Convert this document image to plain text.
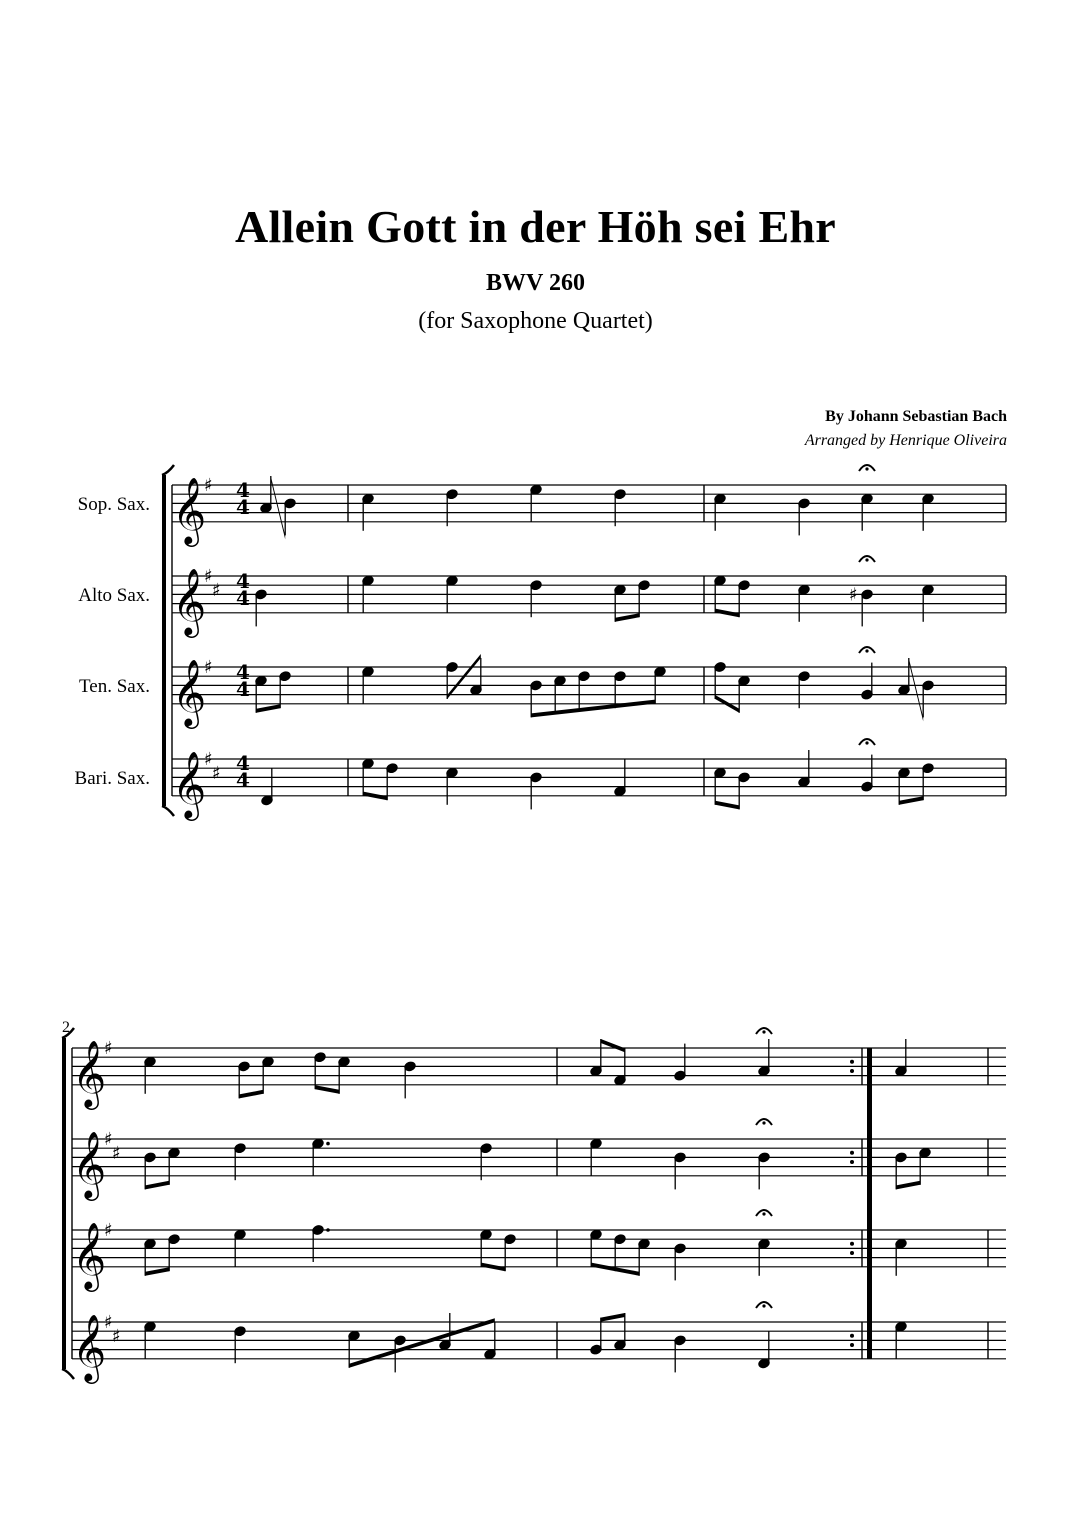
Allein Gott in der Höh sei Ehr
BWV 260
(for Saxophone Quartet)
By Johann Sebastian Bach
Arranged by Henrique Oliveira
Sop. Sax.
Alto Sax.
Ten. Sax.
Bari. Sax.
2
𝄞
♯
𝄞
♯
♯
𝄞
♯
𝄞
♯
♯
𝄞
♯
𝄞
♯
♯
𝄞
♯
𝄞
♯
♯
♯
4
4
4
4
4
4
4
4
